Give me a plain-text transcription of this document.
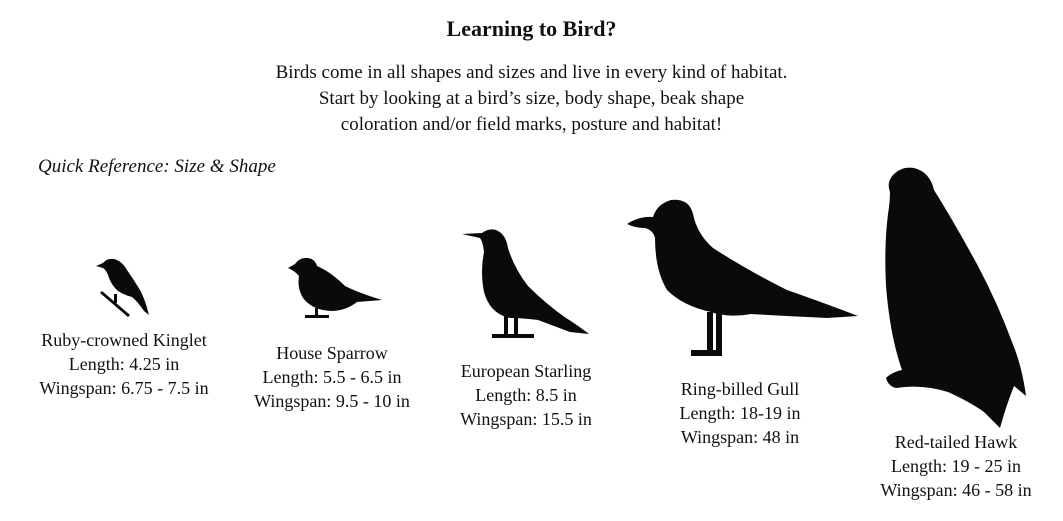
Learning to Bird?
Birds come in all shapes and sizes and live in every kind of habitat.
Start by looking at a bird’s size, body shape, beak shape
coloration and/or field marks, posture and habitat!
Quick Reference: Size & Shape
Ruby-crowned Kinglet
Length: 4.25 in
Wingspan: 6.75 - 7.5 in
House Sparrow
Length: 5.5 - 6.5 in
Wingspan: 9.5 - 10 in
European Starling
Length: 8.5 in
Wingspan: 15.5 in
Ring-billed Gull
Length: 18-19 in
Wingspan: 48 in	Red-tailed Hawk
Length: 19 - 25 in
Wingspan: 46 - 58 in
